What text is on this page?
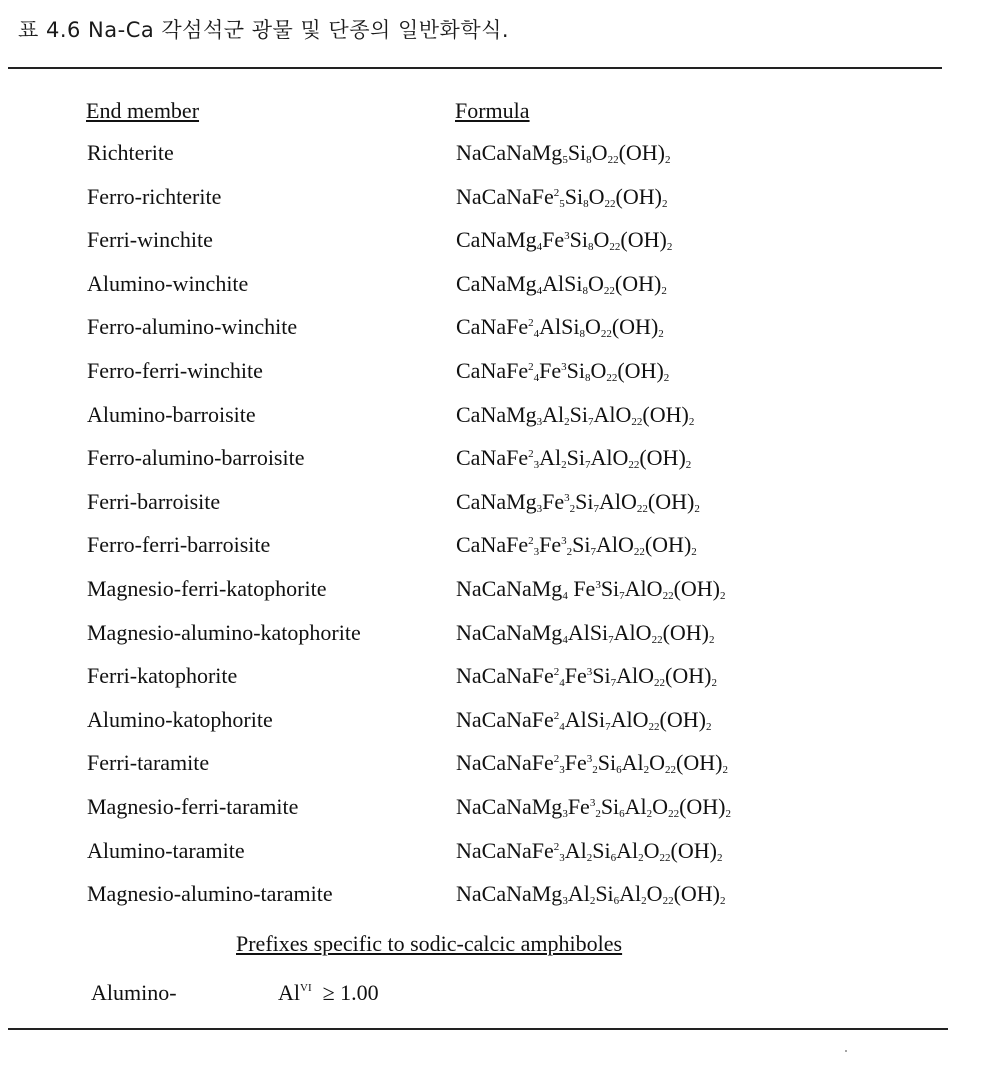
표 4.6 Na-Ca 각섬석군 광물 및 단종의 일반화학식.
End member	Formula
Richterite	$NaCaNaMg_5Si_8O_{22}(OH)_2$
Ferro-richterite	$NaCaNaFe^2_5Si_8O_{22}(OH)_2$
Ferri-winchite	$CaNaMg_4Fe^3Si_8O_{22}(OH)_2$
Alumino-winchite	$CaNaMg_4AlSi_8O_{22}(OH)_2$
Ferro-alumino-winchite	$CaNaFe^2_4AlSi_8O_{22}(OH)_2$
Ferro-ferri-winchite	$CaNaFe^2_4Fe^3Si_8O_{22}(OH)_2$
Alumino-barroisite	$CaNaMg_3Al_2Si_7AlO_{22}(OH)_2$
Ferro-alumino-barroisite	$CaNaFe^2_3Al_2Si_7AlO_{22}(OH)_2$
Ferri-barroisite	$CaNaMg_3Fe^3_2Si_7AlO_{22}(OH)_2$
Ferro-ferri-barroisite	$CaNaFe^2_3Fe^3_2Si_7AlO_{22}(OH)_2$
Magnesio-ferri-katophorite	NaCaNaMg$_4$ $Fe^3Si_7AlO_{22}(OH)_2$
Magnesio-alumino-katophorite	$NaCaNaMg_4AlSi_7AlO_{22}(OH)_2$
Ferri-katophorite	$NaCaNaFe^2_4Fe^3Si_7AlO_{22}(OH)_2$
Alumino-katophorite	$NaCaNaFe^2_4AlSi_7AlO_{22}(OH)_2$
Ferri-taramite	$NaCaNaFe^2_3Fe^3_2Si_6Al_2O_{22}(OH)_2$
Magnesio-ferri-taramite	$NaCaNaMg_3Fe^3_2Si_6Al_2O_{22}(OH)_2$
Alumino-taramite	$NaCaNaFe^2_3Al_2Si_6Al_2O_{22}(OH)_2$
Magnesio-alumino-taramite	$NaCaNaMg_3Al_2Si_6Al_2O_{22}(OH)_2$
Prefixes specific to sodic-calcic amphiboles
Alumino-	$Al^{VI} \ge 1.00$
